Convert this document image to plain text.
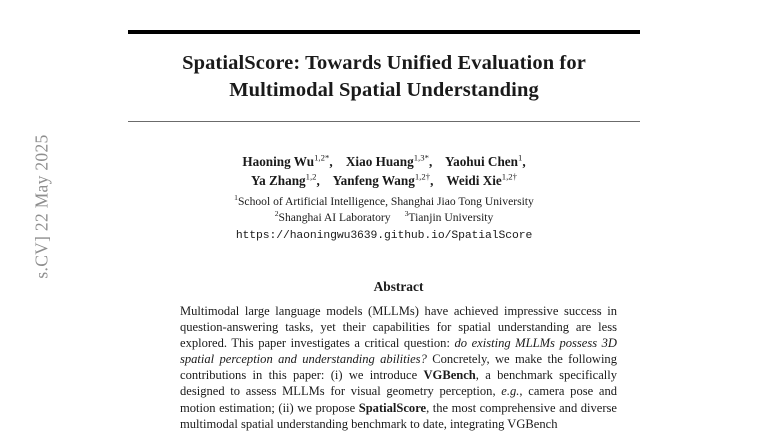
s.CV] 22 May 2025
SpatialScore: Towards Unified Evaluation for
Multimodal Spatial Understanding
Haoning $Wu^{1,2*}$, Xiao Huang$^{1,3*}$, Yaohui Chen$^1$,
Ya Zhang$^{1,2}$, Yanfeng Wang$^{1,2\dagger}$, Weidi Xie$^{1,2\dagger}$
$^1$School of Artificial Intelligence, Shanghai Jiao Tong University
$^2$Shanghai AI Laboratory $^3$Tianjin University
https://haoningwu3639.github.io/SpatialScore
Abstract

Multimodal large language models (MLLMs) have achieved impressive success in question-answering tasks, yet their capabilities for spatial understanding are less explored. This paper investigates a critical question: do existing MLLMs possess 3D spatial perception and understanding abilities? Concretely, we make the following contributions in this paper: (i) we introduce VGBench, a benchmark specifically designed to assess MLLMs for visual geometry perception, e.g., camera pose and motion estimation; (ii) we propose SpatialScore, the most comprehensive and diverse multimodal spatial understanding benchmark to date, integrating VGBench
